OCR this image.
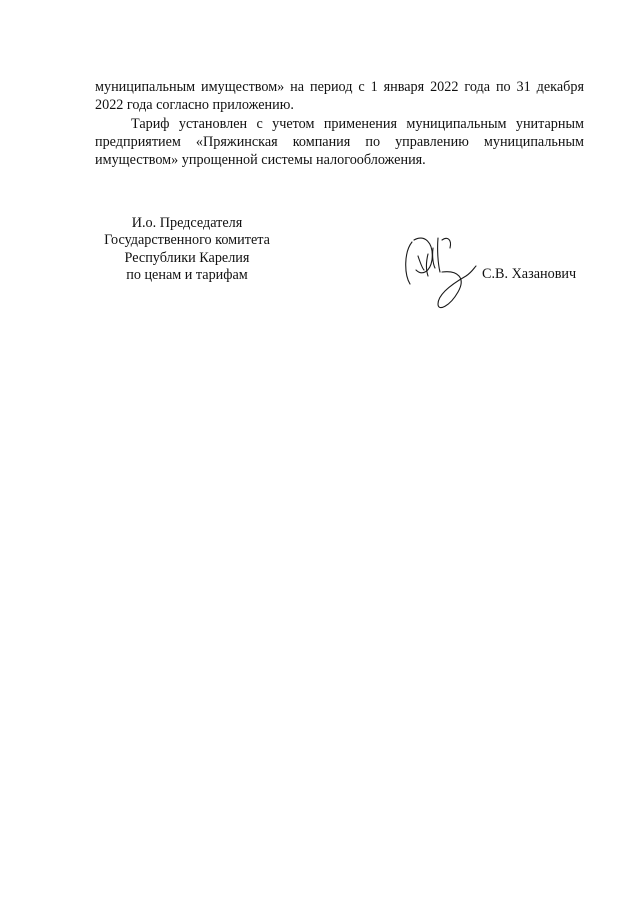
муниципальным имуществом» на период с 1 января 2022 года по 31 декабря 2022 года согласно приложению.

Тариф установлен с учетом применения муниципальным унитарным предприятием «Пряжинская компания по управлению муниципальным имуществом» упрощенной системы налогообложения.

И.о. Председателя
Государственного комитета
Республики Карелия
по ценам и тарифам	С.В. Хазанович
